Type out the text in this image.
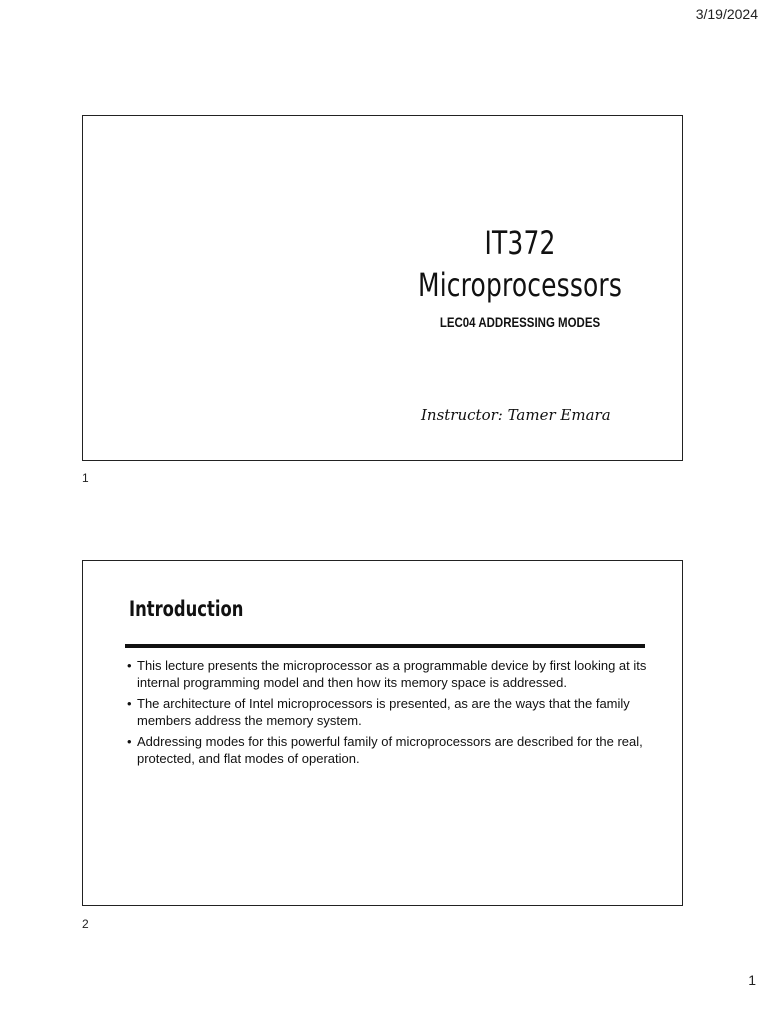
3/19/2024
IT372
Microprocessors
LEC04 ADDRESSING MODES
Instructor: Tamer Emara
1
Introduction
• This lecture presents the microprocessor as a programmable device by first looking at its internal programming model and then how its memory space is addressed.
• The architecture of Intel microprocessors is presented, as are the ways that the family members address the memory system.
• Addressing modes for this powerful family of microprocessors are described for the real, protected, and flat modes of operation.
2
1
